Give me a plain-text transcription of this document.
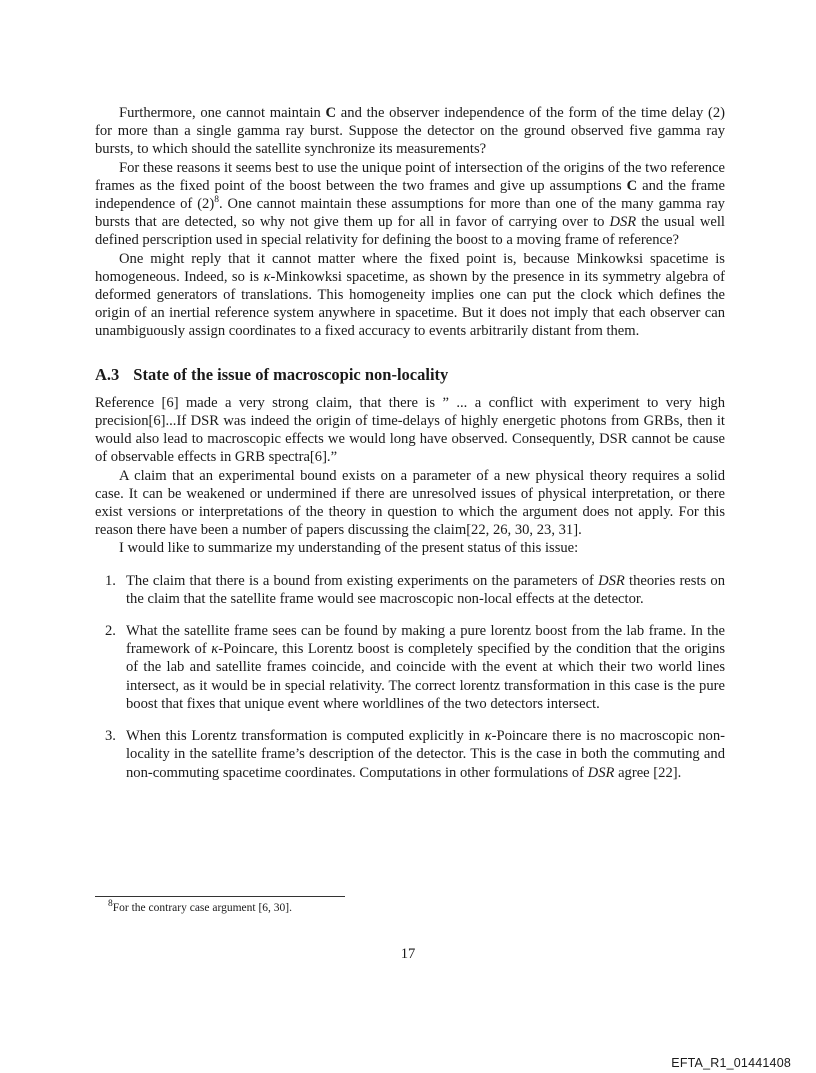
Furthermore, one cannot maintain C and the observer independence of the form of the time delay (2) for more than a single gamma ray burst. Suppose the detector on the ground observed five gamma ray bursts, to which should the satellite synchronize its measurements?

For these reasons it seems best to use the unique point of intersection of the origins of the two reference frames as the fixed point of the boost between the two frames and give up assumptions C and the frame independence of $(2)^8$. One cannot maintain these assumptions for more than one of the many gamma ray bursts that are detected, so why not give them up for all in favor of carrying over to DSR the usual well defined perscription used in special relativity for defining the boost to a moving frame of reference?

One might reply that it cannot matter where the fixed point is, because Minkowksi spacetime is homogeneous. Indeed, so is κ-Minkowksi spacetime, as shown by the presence in its symmetry algebra of deformed generators of translations. This homogeneity implies one can put the clock which defines the origin of an inertial reference system anywhere in spacetime. But it does not imply that each observer can unambiguously assign coordinates to a fixed accuracy to events arbitrarily distant from them.

A.3 State of the issue of macroscopic non-locality

Reference [6] made a very strong claim, that there is ” ... a conflict with experiment to very high precision[6]...If DSR was indeed the origin of time-delays of highly energetic photons from GRBs, then it would also lead to macroscopic effects we would long have observed. Consequently, DSR cannot be cause of observable effects in GRB spectra[6].”

A claim that an experimental bound exists on a parameter of a new physical theory requires a solid case. It can be weakened or undermined if there are unresolved issues of physical interpretation, or there exist versions or interpretations of the theory in question to which the argument does not apply. For this reason there have been a number of papers discussing the claim[22, 26, 30, 23, 31].

I would like to summarize my understanding of the present status of this issue:

1. The claim that there is a bound from existing experiments on the parameters of DSR theories rests on the claim that the satellite frame would see macroscopic non-local effects at the detector.
2. What the satellite frame sees can be found by making a pure lorentz boost from the lab frame. In the framework of κ-Poincare, this Lorentz boost is completely specified by the condition that the origins of the lab and satellite frames coincide, and coincide with the event at which their two world lines intersect, as it would be in special relativity. The correct lorentz transformation in this case is the pure boost that fixes that unique event where worldlines of the two detectors intersect.
3. When this Lorentz transformation is computed explicitly in κ-Poincare there is no macroscopic non-locality in the satellite frame’s description of the detector. This is the case in both the commuting and non-commuting spacetime coordinates. Computations in other formulations of DSR agree [22].
$^8$For the contrary case argument [6, 30].
17
EFTA_R1_01441408
